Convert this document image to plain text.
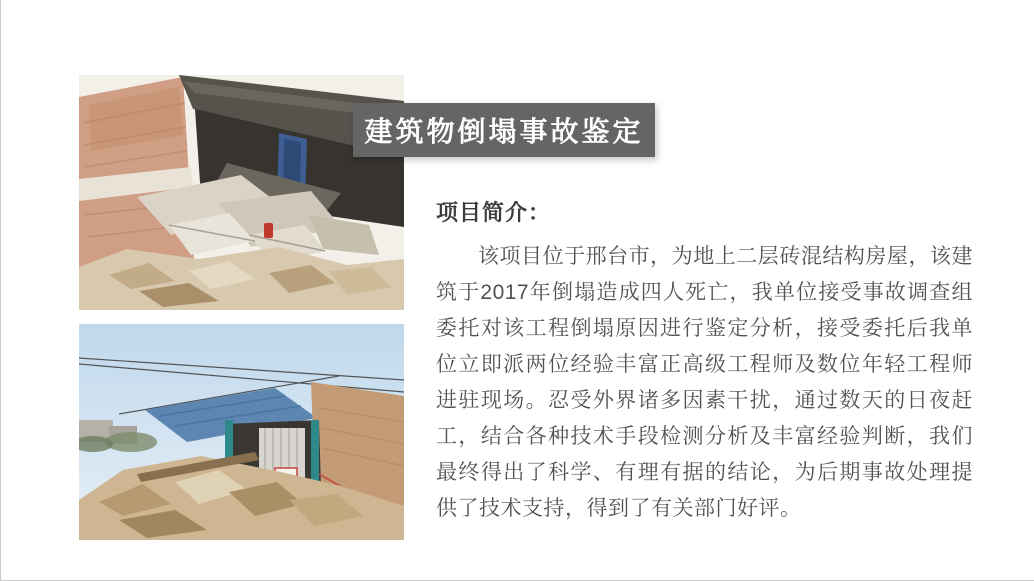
建筑物倒塌事故鉴定
项目简介：

该项目位于邢台市，为地上二层砖混结构房屋，该建筑于2017年倒塌造成四人死亡，我单位接受事故调查组委托对该工程倒塌原因进行鉴定分析，接受委托后我单位立即派两位经验丰富正高级工程师及数位年轻工程师进驻现场。忍受外界诸多因素干扰，通过数天的日夜赶工，结合各种技术手段检测分析及丰富经验判断，我们最终得出了科学、有理有据的结论，为后期事故处理提供了技术支持，得到了有关部门好评。
